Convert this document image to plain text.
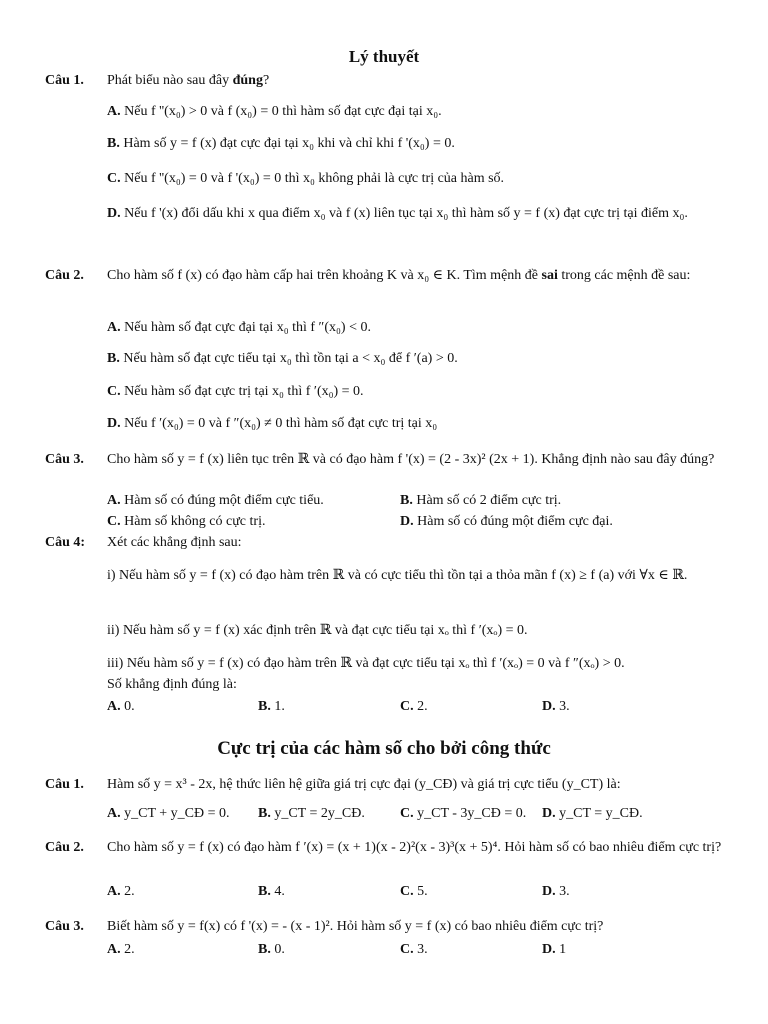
Lý thuyết
Câu 1. Phát biểu nào sau đây đúng?
A. Nếu f ''(x₀) > 0 và f (x₀) = 0 thì hàm số đạt cực đại tại x₀.
B. Hàm số y = f (x) đạt cực đại tại x₀ khi và chỉ khi f '(x₀) = 0.
C. Nếu f ''(x₀) = 0 và f '(x₀) = 0 thì x₀ không phải là cực trị của hàm số.
D. Nếu f '(x) đổi dấu khi x qua điểm x₀ và f (x) liên tục tại x₀ thì hàm số y = f (x) đạt cực trị tại điểm x₀.
Câu 2.	Cho hàm số f (x) có đạo hàm cấp hai trên khoảng K và x₀ ∈ K. Tìm mệnh đề sai trong các mệnh đề sau:
A. Nếu hàm số đạt cực đại tại x₀ thì f ″(x₀) < 0.
B. Nếu hàm số đạt cực tiểu tại x₀ thì tồn tại a < x₀ để f ′(a) > 0.
C. Nếu hàm số đạt cực trị tại x₀ thì f ′(x₀) = 0.
D. Nếu f ′(x₀) = 0 và f ″(x₀) ≠ 0 thì hàm số đạt cực trị tại x₀
Câu 3. Cho hàm số y = f (x) liên tục trên ℝ và có đạo hàm f '(x) = (2 - 3x)² (2x + 1). Khẳng định nào sau đây đúng?
A. Hàm số có đúng một điểm cực tiểu.	B. Hàm số có 2 điểm cực trị.
C. Hàm số không có cực trị.	D. Hàm số có đúng một điểm cực đại.
Câu 4: Xét các khẳng định sau:
i) Nếu hàm số y = f (x) có đạo hàm trên ℝ và có cực tiểu thì tồn tại a thỏa mãn f (x) ≥ f (a) với ∀x ∈ ℝ.
ii) Nếu hàm số y = f (x) xác định trên ℝ và đạt cực tiểu tại xₒ thì f ′(xₒ) = 0.
iii) Nếu hàm số y = f (x) có đạo hàm trên ℝ và đạt cực tiểu tại xₒ thì f ′(xₒ) = 0 và f ″(xₒ) > 0.
Số khẳng định đúng là:
A. 0.	B. 1.	C. 2.	D. 3.
Cực trị của các hàm số cho bởi công thức
Câu 1. Hàm số y = x³ - 2x, hệ thức liên hệ giữa giá trị cực đại (y_CĐ) và giá trị cực tiểu (y_CT) là:
A. y_CT + y_CĐ = 0. B. y_CT = 2y_CĐ.	C. y_CT - 3y_CĐ = 0. D. y_CT = y_CĐ.
Câu 2.	Cho hàm số y = f (x) có đạo hàm f ′(x) = (x + 1)(x - 2)²(x - 3)³(x + 5)⁴. Hỏi hàm số có bao nhiêu điểm cực trị?
A. 2.	B. 4.	C. 5.	D. 3.
Câu 3. Biết hàm số y = f(x) có f '(x) = - (x - 1)². Hỏi hàm số y = f (x) có bao nhiêu điểm cực trị?
A. 2.	B. 0.	C. 3.	D. 1
